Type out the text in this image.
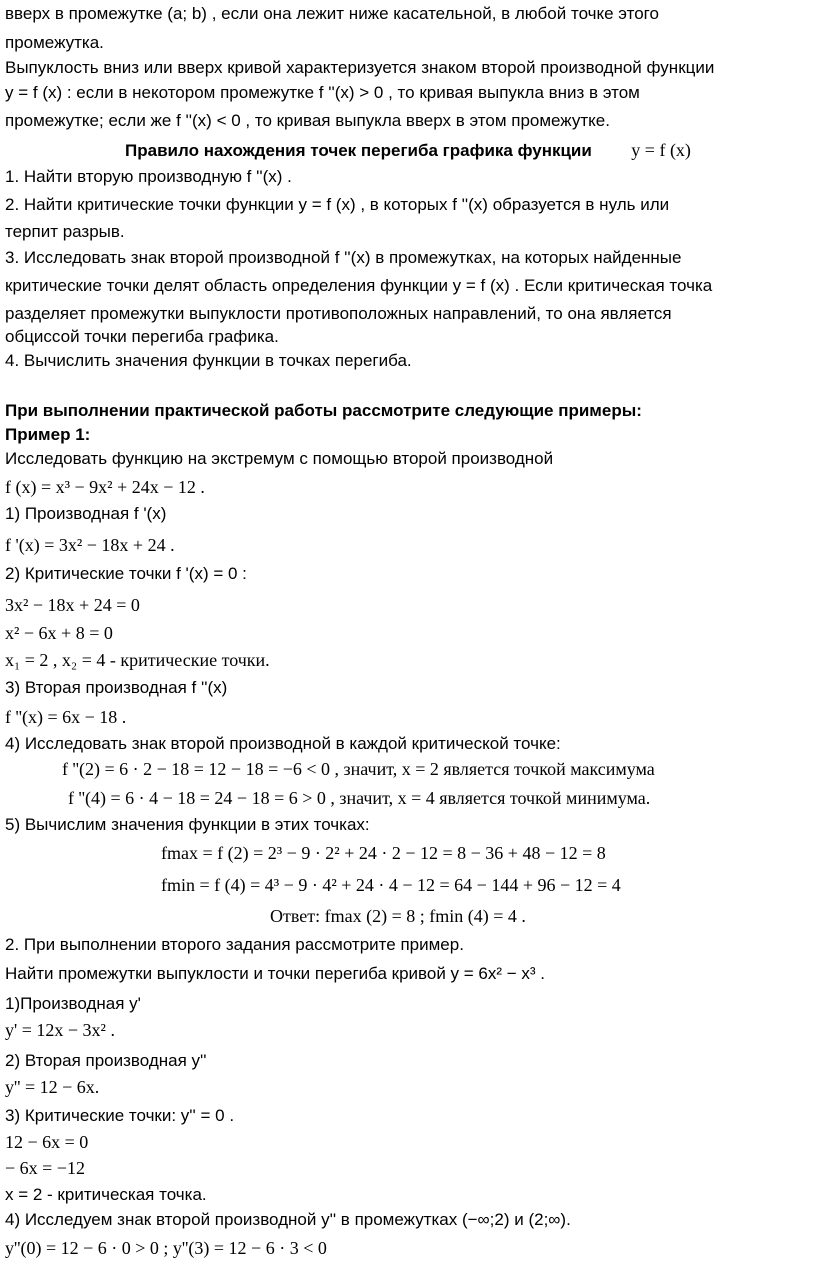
вверх в промежутке (a; b) , если она лежит ниже касательной, в любой точке этого
промежутка.
Выпуклость вниз или вверх кривой характеризуется знаком второй производной функции
y = f (x) : если в некотором промежутке f ''(x) > 0 , то кривая выпукла вниз в этом
промежутке; если же f ''(x) < 0 , то кривая выпукла вверх в этом промежутке.
Правило нахождения точек перегиба графика функции y = f (x)
1. Найти вторую производную f ''(x) .
2. Найти критические точки функции y = f (x) , в которых f ''(x) образуется в нуль или
терпит разрыв.
3. Исследовать знак второй производной f ''(x) в промежутках, на которых найденные
критические точки делят область определения функции y = f (x) . Если критическая точка
разделяет промежутки выпуклости противоположных направлений, то она является
обциссой точки перегиба графика.
4. Вычислить значения функции в точках перегиба.
При выполнении практической работы рассмотрите следующие примеры:
Пример 1:
Исследовать функцию на экстремум с помощью второй производной
f (x) = x³ − 9x² + 24x − 12 .
1) Производная f '(x)
f '(x) = 3x² − 18x + 24 .
2) Критические точки f '(x) = 0 :
3x² − 18x + 24 = 0
x² − 6x + 8 = 0
x₁ = 2 , x₂ = 4 - критические точки.
3) Вторая производная f ''(x)
f ''(x) = 6x − 18 .
4) Исследовать знак второй производной в каждой критической точке:
f ''(2) = 6 · 2 − 18 = 12 − 18 = −6 < 0 , значит, x = 2 является точкой максимума
f ''(4) = 6 · 4 − 18 = 24 − 18 = 6 > 0 , значит, x = 4 является точкой минимума.
5) Вычислим значения функции в этих точках:
fmax = f (2) = 2³ − 9 · 2² + 24 · 2 − 12 = 8 − 36 + 48 − 12 = 8
fmin = f (4) = 4³ − 9 · 4² + 24 · 4 − 12 = 64 − 144 + 96 − 12 = 4
Ответ: fmax (2) = 8 ; fmin (4) = 4 .
2. При выполнении второго задания рассмотрите пример.
Найти промежутки выпуклости и точки перегиба кривой y = 6x² − x³ .
1)Производная y'
y' = 12x − 3x² .
2) Вторая производная y''
y'' = 12 − 6x.
3) Критические точки: y'' = 0 .
12 − 6x = 0
− 6x = −12
x = 2 - критическая точка.
4) Исследуем знак второй производной y'' в промежутках (−∞;2) и (2;∞).
y''(0) = 12 − 6 · 0 > 0 ; y''(3) = 12 − 6 · 3 < 0
